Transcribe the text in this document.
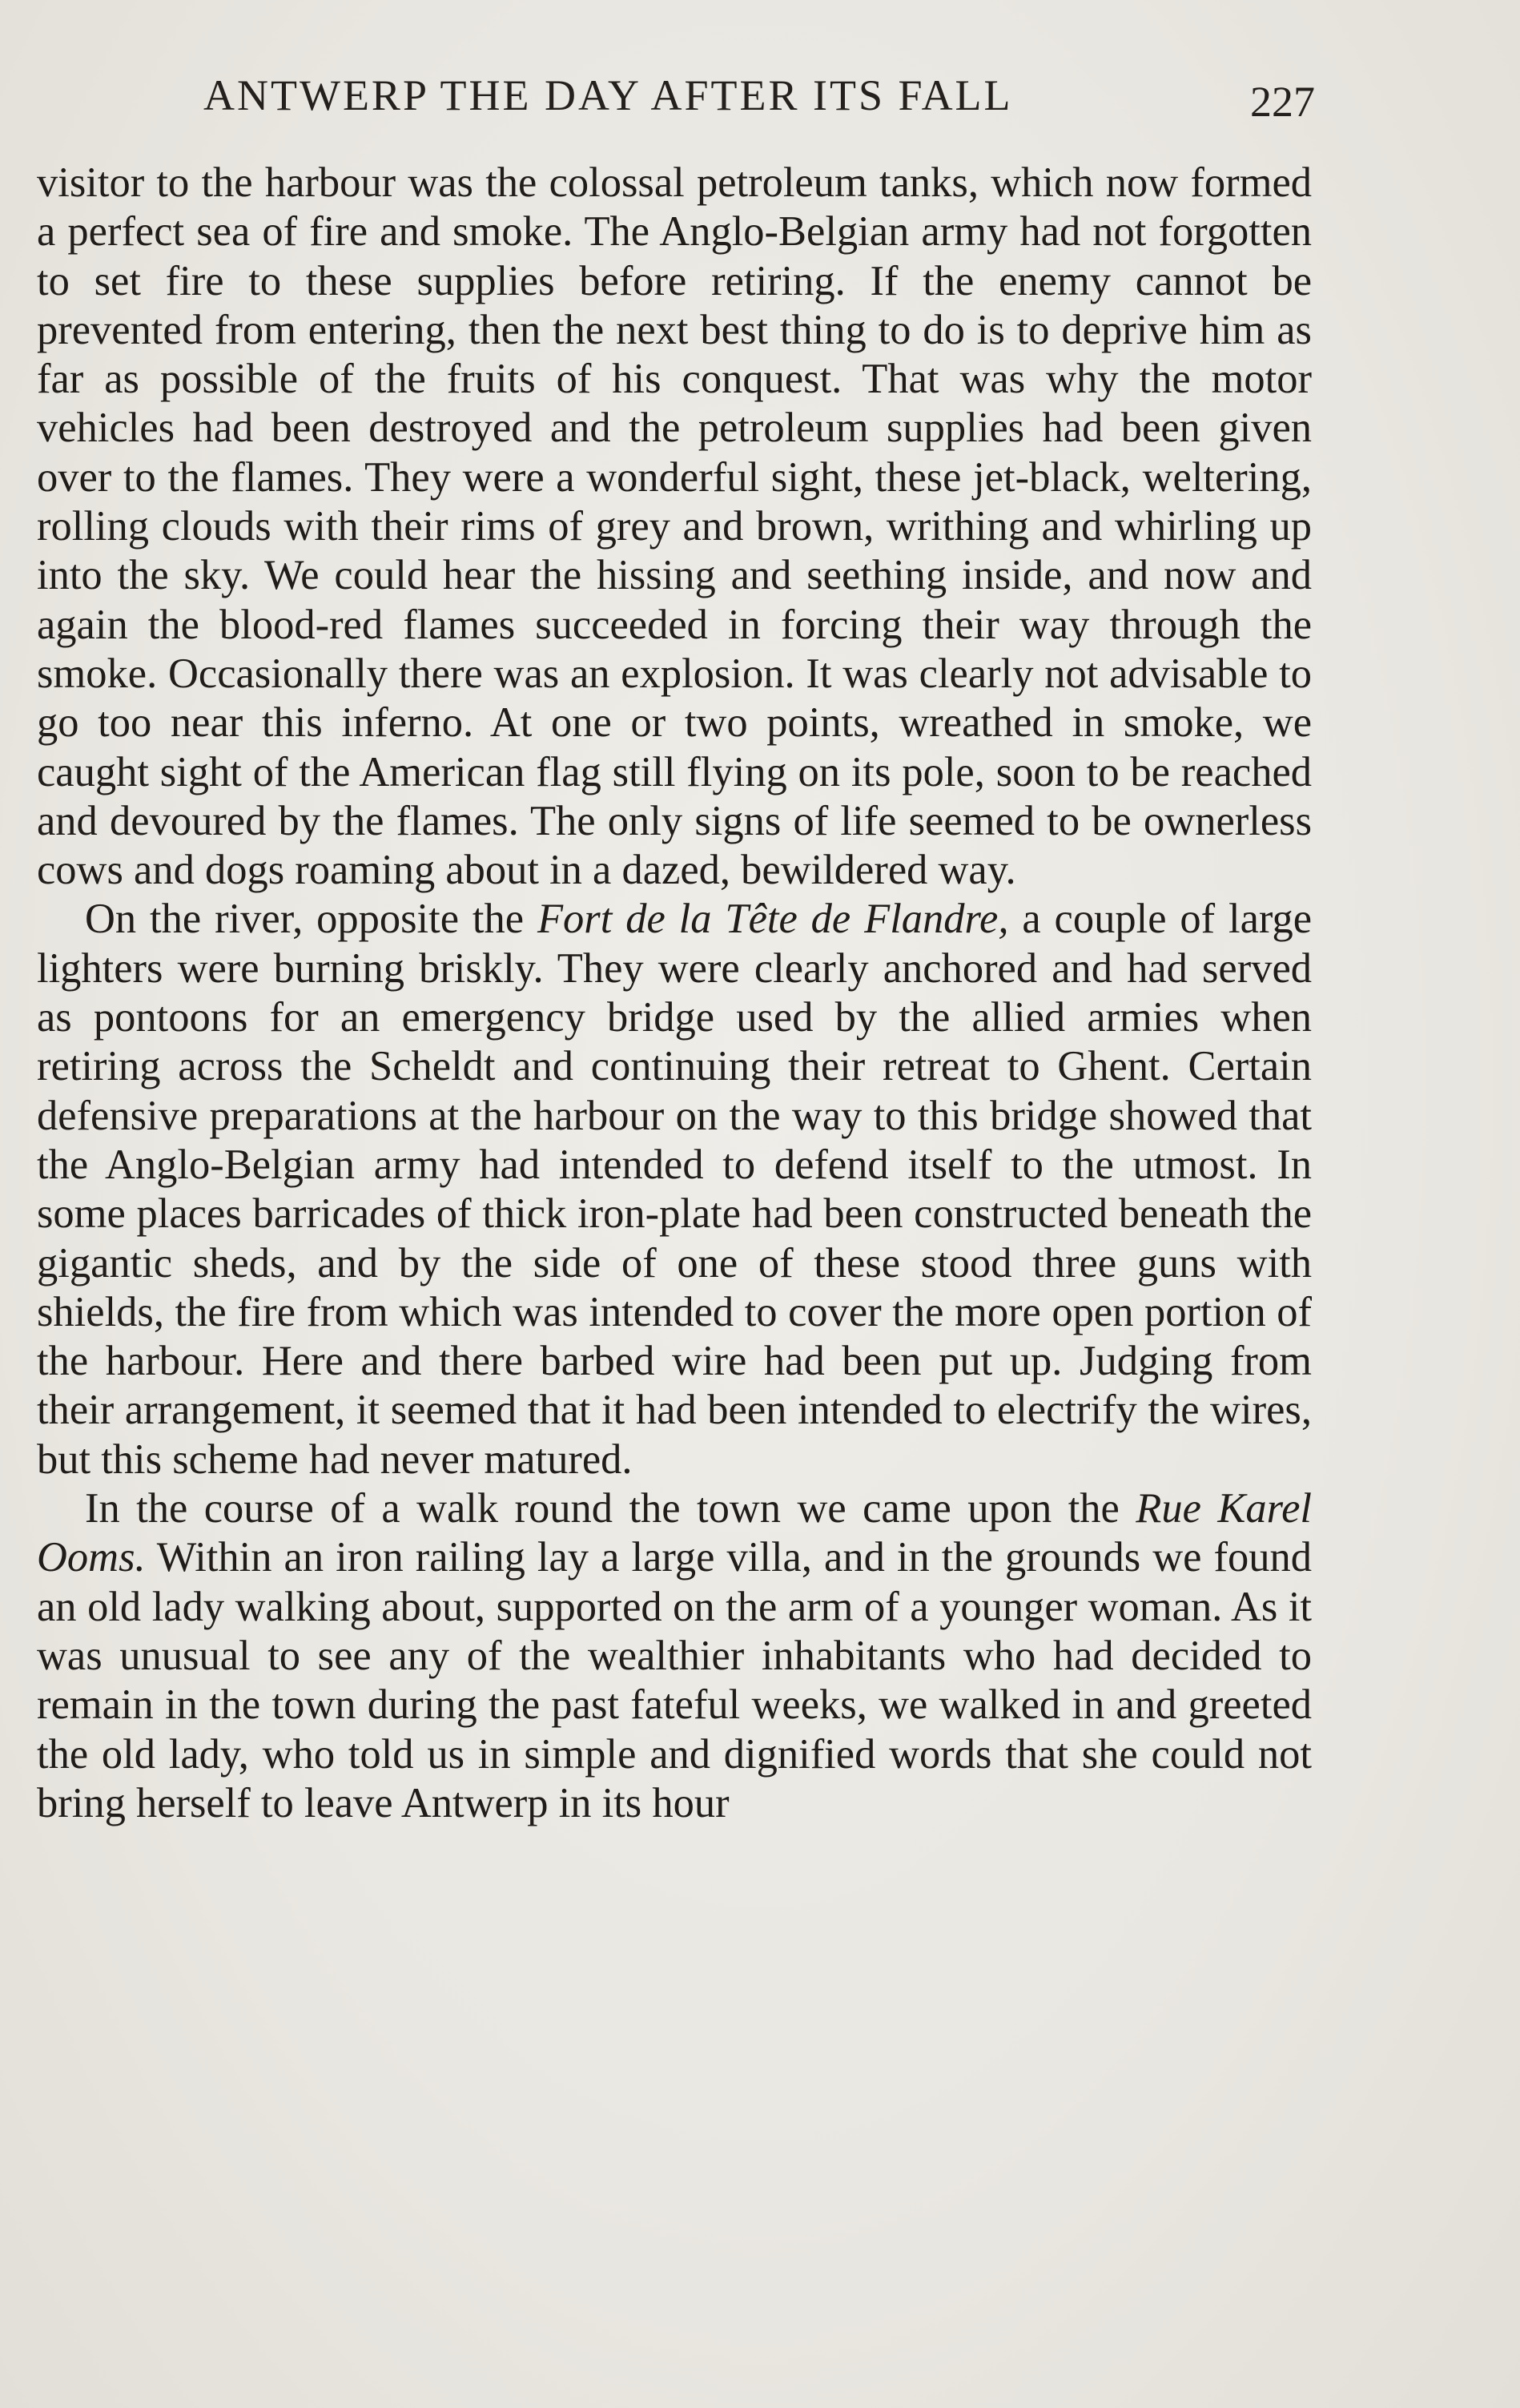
ANTWERP THE DAY AFTER ITS FALL	227

visitor to the harbour was the colossal petroleum tanks, which now formed a perfect sea of fire and smoke. The Anglo-Belgian army had not forgotten to set fire to these supplies before retiring. If the enemy cannot be prevented from entering, then the next best thing to do is to deprive him as far as possible of the fruits of his conquest. That was why the motor vehicles had been destroyed and the petroleum supplies had been given over to the flames. They were a wonderful sight, these jet-black, weltering, rolling clouds with their rims of grey and brown, writhing and whirling up into the sky. We could hear the hissing and seething inside, and now and again the blood-red flames succeeded in forcing their way through the smoke. Occasionally there was an explosion. It was clearly not advisable to go too near this inferno. At one or two points, wreathed in smoke, we caught sight of the American flag still flying on its pole, soon to be reached and devoured by the flames. The only signs of life seemed to be ownerless cows and dogs roaming about in a dazed, bewildered way.

On the river, opposite the Fort de la Tête de Flandre, a couple of large lighters were burning briskly. They were clearly anchored and had served as pontoons for an emergency bridge used by the allied armies when retiring across the Scheldt and continuing their retreat to Ghent. Certain defensive preparations at the harbour on the way to this bridge showed that the Anglo-Belgian army had intended to defend itself to the utmost. In some places barricades of thick iron-plate had been constructed beneath the gigantic sheds, and by the side of one of these stood three guns with shields, the fire from which was intended to cover the more open portion of the harbour. Here and there barbed wire had been put up. Judging from their arrangement, it seemed that it had been intended to electrify the wires, but this scheme had never matured.

In the course of a walk round the town we came upon the Rue Karel Ooms. Within an iron railing lay a large villa, and in the grounds we found an old lady walking about, supported on the arm of a younger woman. As it was unusual to see any of the wealthier inhabitants who had decided to remain in the town during the past fateful weeks, we walked in and greeted the old lady, who told us in simple and dignified words that she could not bring herself to leave Antwerp in its hour
